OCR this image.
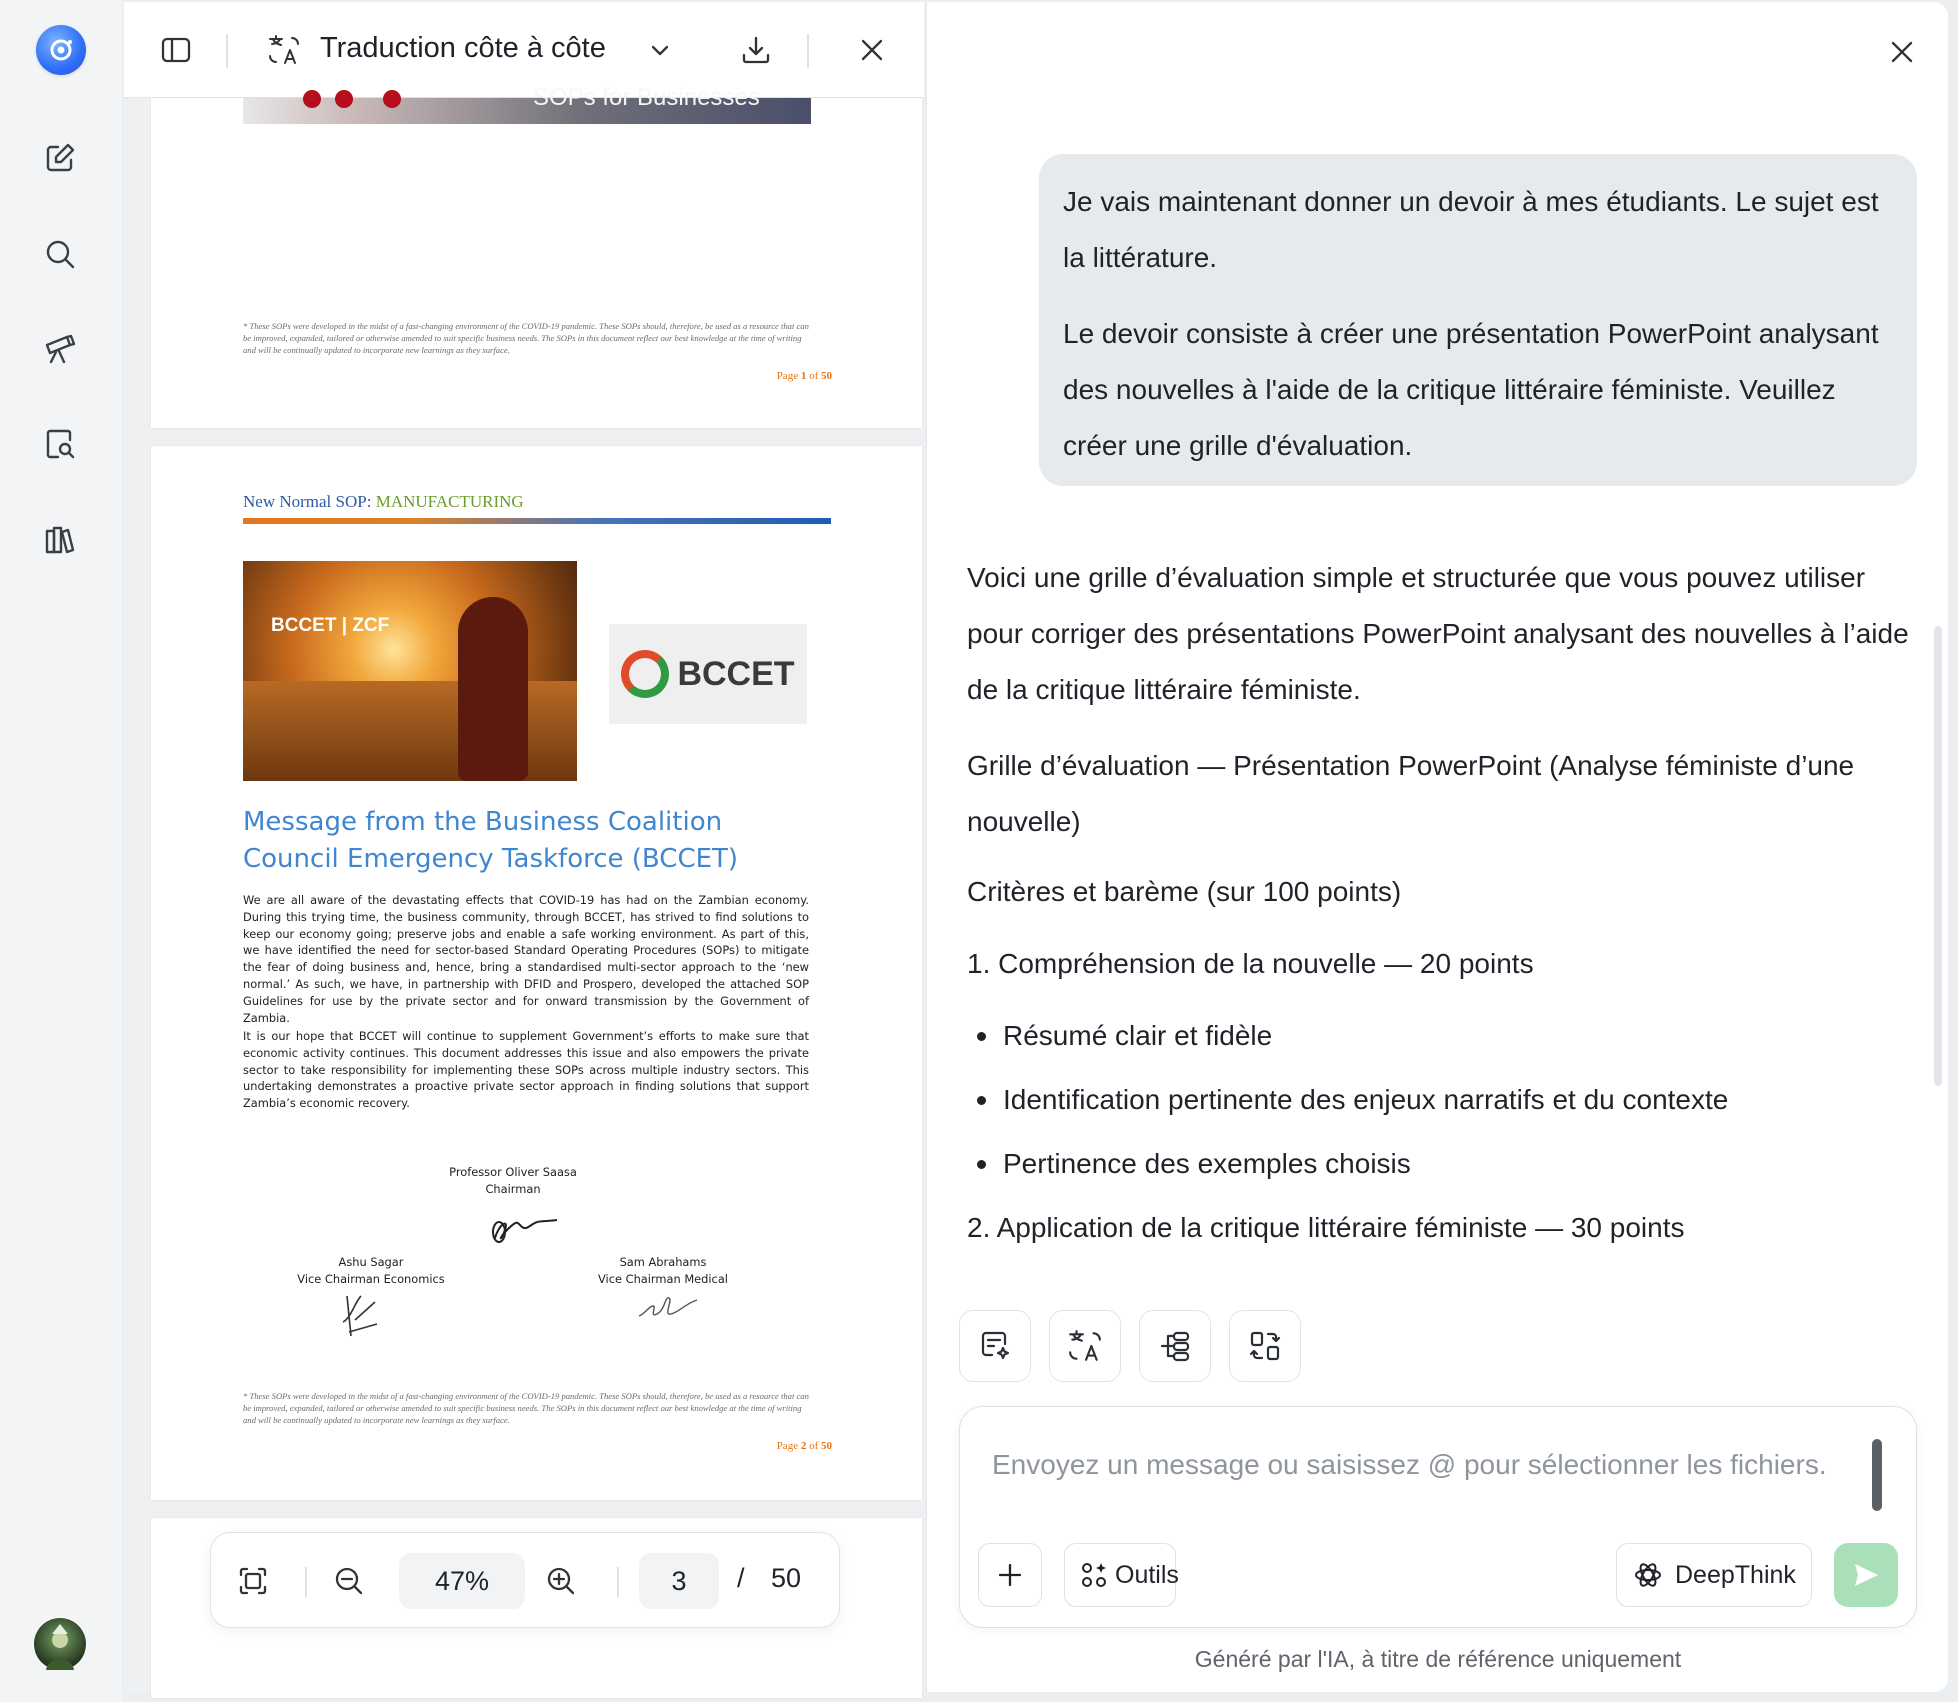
Traduction côte à côte
SOPs for Businesses
* These SOPs were developed in the midst of a fast-changing environment of the COVID-19 pandemic. These SOPs should, therefore, be used as a resource that can be improved, expanded, tailored or otherwise amended to suit specific business needs. The SOPs in this document reflect our best knowledge at the time of writing and will be continually updated to incorporate new learnings as they surface.
Page 1 of 50
New Normal SOP: MANUFACTURING
BCCET | ZCF
BCCET
Message from the Business Coalition Council Emergency Taskforce (BCCET)
We are all aware of the devastating effects that COVID-19 has had on the Zambian economy. During this trying time, the business community, through BCCET, has strived to find solutions to keep our economy going; preserve jobs and enable a safe working environment. As part of this, we have identified the need for sector-based Standard Operating Procedures (SOPs) to mitigate the fear of doing business and, hence, bring a standardised multi-sector approach to the ‘new normal.’ As such, we have, in partnership with DFID and Prospero, developed the attached SOP Guidelines for use by the private sector and for onward transmission by the Government of Zambia.
It is our hope that BCCET will continue to supplement Government’s efforts to make sure that economic activity continues. This document addresses this issue and also empowers the private sector to take responsibility for implementing these SOPs across multiple industry sectors. This undertaking demonstrates a proactive private sector approach in finding solutions that support Zambia’s economic recovery.
Professor Oliver Saasa
Chairman
Ashu Sagar
Vice Chairman Economics
Sam Abrahams
Vice Chairman Medical
* These SOPs were developed in the midst of a fast-changing environment of the COVID-19 pandemic. These SOPs should, therefore, be used as a resource that can be improved, expanded, tailored or otherwise amended to suit specific business needs. The SOPs in this document reflect our best knowledge at the time of writing and will be continually updated to incorporate new learnings as they surface.
Page 2 of 50
47%	3	/ 50

Je vais maintenant donner un devoir à mes étudiants. Le sujet est la littérature.

Le devoir consiste à créer une présentation PowerPoint analysant des nouvelles à l'aide de la critique littéraire féministe. Veuillez créer une grille d'évaluation.

Voici une grille d’évaluation simple et structurée que vous pouvez utiliser pour corriger des présentations PowerPoint analysant des nouvelles à l’aide de la critique littéraire féministe.
Grille d’évaluation — Présentation PowerPoint (Analyse féministe d’une nouvelle)
Critères et barème (sur 100 points)
1. Compréhension de la nouvelle — 20 points
Résumé clair et fidèle
Identification pertinente des enjeux narratifs et du contexte
Pertinence des exemples choisis
2. Application de la critique littéraire féministe — 30 points
Envoyez un message ou saisissez @ pour sélectionner les fichiers.
Outils	DeepThink
Généré par l'IA, à titre de référence uniquement
